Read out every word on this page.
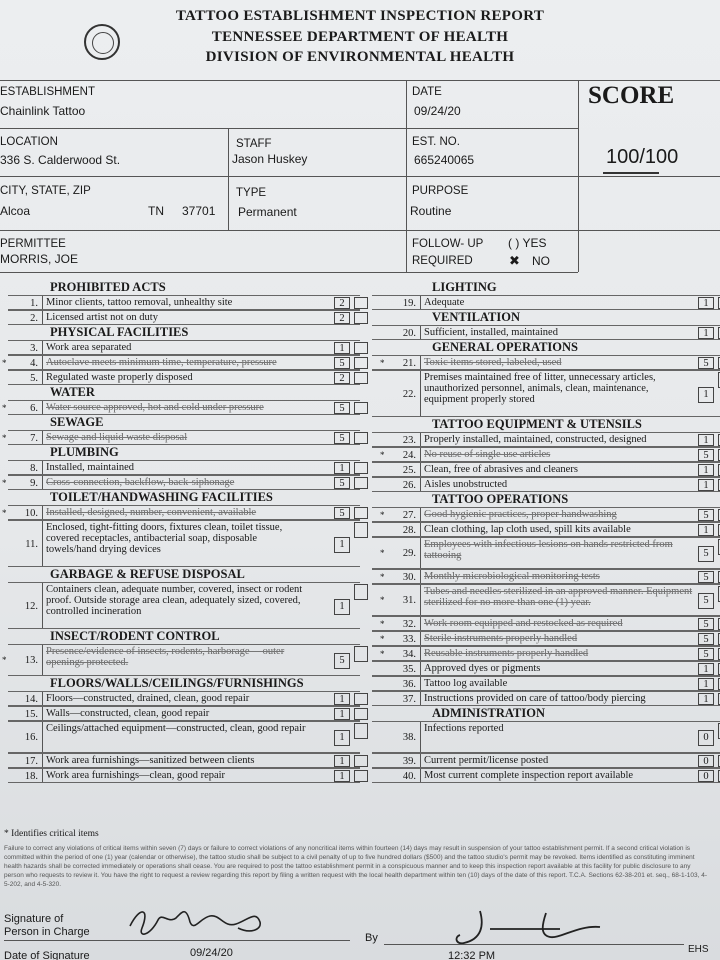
TATTOO ESTABLISHMENT INSPECTION REPORT
TENNESSEE DEPARTMENT OF HEALTH
DIVISION OF ENVIRONMENTAL HEALTH
ESTABLISHMENT
Chainlink Tattoo
DATE
09/24/20
SCORE
100/100
LOCATION
336 S. Calderwood St.
STAFF
Jason Huskey
EST. NO.
665240065
CITY, STATE, ZIP
Alcoa	TN 37701
TYPE
Permanent
PURPOSE
Routine
PERMITTEE
MORRIS, JOE
FOLLOW- UP
REQUIRED
( ) YES
✖ NO
PROHIBITED ACTS
1. Minor clients, tattoo removal, unhealthy site	2
2. Licensed artist not on duty	2
PHYSICAL FACILITIES
3. Work area separated	1
4. Autoclave meets minimum time, temperature, pressure	5
*
5. Regulated waste properly disposed	2
WATER
6. Water source approved, hot and cold under pressure	5
*
SEWAGE
7. Sewage and liquid waste disposal	5
*
PLUMBING
8. Installed, maintained	1
9. Cross-connection, backflow, back-siphonage	5
*
TOILET/HANDWASHING FACILITIES
10. Installed, designed, number, convenient, available	5
*
11.
Enclosed, tight-fitting doors, fixtures clean, toilet tissue, covered receptacles, antibacterial soap, disposable towels/hand drying devices	1
GARBAGE & REFUSE DISPOSAL
12.
Containers clean, adequate number, covered, insect or rodent proof. Outside storage area clean, adequately sized, covered, controlled incineration	1
INSECT/RODENT CONTROL
13.
Presence/evidence of insects, rodents, harborage— outer openings protected.	5
*
FLOORS/WALLS/CEILINGS/FURNISHINGS
14. Floors—constructed, drained, clean, good repair	1
15. Walls—constructed, clean, good repair	1
16.
Ceilings/attached equipment—constructed, clean, good repair
1
17. Work area furnishings—sanitized between clients	1
18. Work area furnishings—clean, good repair	1
LIGHTING
19. Adequate	1
VENTILATION
20. Sufficient, installed, maintained	1
GENERAL OPERATIONS
21. Toxic items stored, labeled, used	5
*
22.
Premises maintained free of litter, unnecessary articles, unauthorized personnel, animals, clean, maintenance, equipment properly stored	1
TATTOO EQUIPMENT & UTENSILS
23. Properly installed, maintained, constructed, designed	1
24. No reuse of single use articles	5
*
25. Clean, free of abrasives and cleaners	1
26. Aisles unobstructed	1
TATTOO OPERATIONS
27. Good hygienic practices, proper handwashing	5
*
28. Clean clothing, lap cloth used, spill kits available	1
29.
Employees with infectious lesions on hands restricted from tattooing	5
*
30. Monthly microbiological monitoring tests	5
*
31.
Tubes and needles sterilized in an approved manner. Equipment sterilized for no more than one (1) year.	5
*
32. Work room equipped and restocked as required	5
*
33. Sterile instruments properly handled	5
*
34. Reusable instruments properly handled	5
*
35. Approved dyes or pigments	1
36. Tattoo log available	1
37. Instructions provided on care of tattoo/body piercing	1
ADMINISTRATION
38.
Infections reported
0
39. Current permit/license posted	0
40. Most current complete inspection report available	0
* Identifies critical items
Failure to correct any violations of critical items within seven (7) days or failure to correct violations of any noncritical items within fourteen (14) days may result in suspension of your tattoo establishment permit. If a second critical violation is committed within the period of one (1) year (calendar or otherwise), the tattoo studio shall be subject to a civil penalty of up to five hundred dollars ($500) and the tattoo studio's permit may be revoked. Items identified as constituting imminent health hazards shall be corrected immediately or operations shall cease. You are required to post the tattoo establishment permit in a conspicuous manner and to keep this inspection report available at this facility for public disclosure to any person who requests to review it. You have the right to request a review regarding this report by filing a written request with the local health department within ten (10) days of the date of this report. T.C.A. Sections 62-38-201 et. seq., 68-1-103, 4-5-202, and 4-5-320.
Signature of
Person in Charge	By
EHS
Date of Signature	09/24/20	12:32 PM
